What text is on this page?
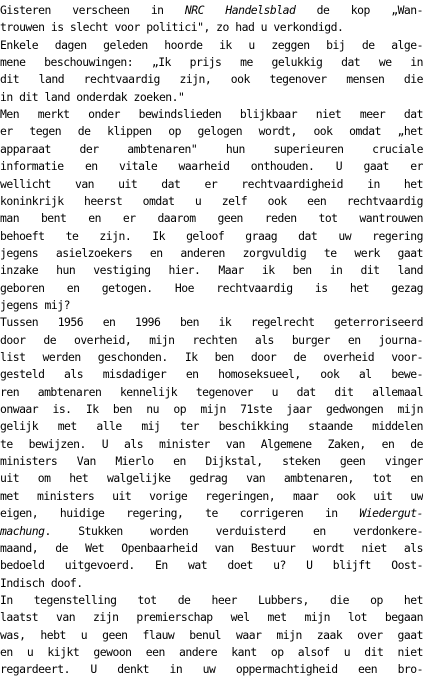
Gisteren verscheen in NRC Handelsblad de kop „Wan-
trouwen is slecht voor politici", zo had u verkondigd.
Enkele dagen geleden hoorde ik u zeggen bij de alge-
mene beschouwingen: „Ik prijs me gelukkig dat we in
dit land rechtvaardig zijn, ook tegenover mensen die
in dit land onderdak zoeken."
Men merkt onder bewindslieden blijkbaar niet meer dat
er tegen de klippen op gelogen wordt, ook omdat „het
apparaat der ambtenaren" hun superieuren cruciale
informatie en vitale waarheid onthouden. U gaat er
wellicht van uit dat er rechtvaardigheid in het
koninkrijk heerst omdat u zelf ook een rechtvaardig
man bent en er daarom geen reden tot wantrouwen
behoeft te zijn. Ik geloof graag dat uw regering
jegens asielzoekers en anderen zorgvuldig te werk gaat
inzake hun vestiging hier. Maar ik ben in dit land
geboren en getogen. Hoe rechtvaardig is het gezag
jegens mij?
Tussen 1956 en 1996 ben ik regelrecht geterroriseerd
door de overheid, mijn rechten als burger en journa-
list werden geschonden. Ik ben door de overheid voor-
gesteld als misdadiger en homoseksueel, ook al bewe-
ren ambtenaren kennelijk tegenover u dat dit allemaal
onwaar is. Ik ben nu op mijn 71ste jaar gedwongen mijn
gelijk met alle mij ter beschikking staande middelen
te bewijzen. U als minister van Algemene Zaken, en de
ministers Van Mierlo en Dijkstal, steken geen vinger
uit om het walgelijke gedrag van ambtenaren, tot en
met ministers uit vorige regeringen, maar ook uit uw
eigen, huidige regering, te corrigeren in Wiedergut-
machung. Stukken worden verduisterd en verdonkere-
maand, de Wet Openbaarheid van Bestuur wordt niet als
bedoeld uitgevoerd. En wat doet u? U blijft Oost-
Indisch doof.
In tegenstelling tot de heer Lubbers, die op het
laatst van zijn premierschap wel met mijn lot begaan
was, hebt u geen flauw benul waar mijn zaak over gaat
en u kijkt gewoon een andere kant op alsof u dit niet
regardeert. U denkt in uw oppermachtigheid een bro-
